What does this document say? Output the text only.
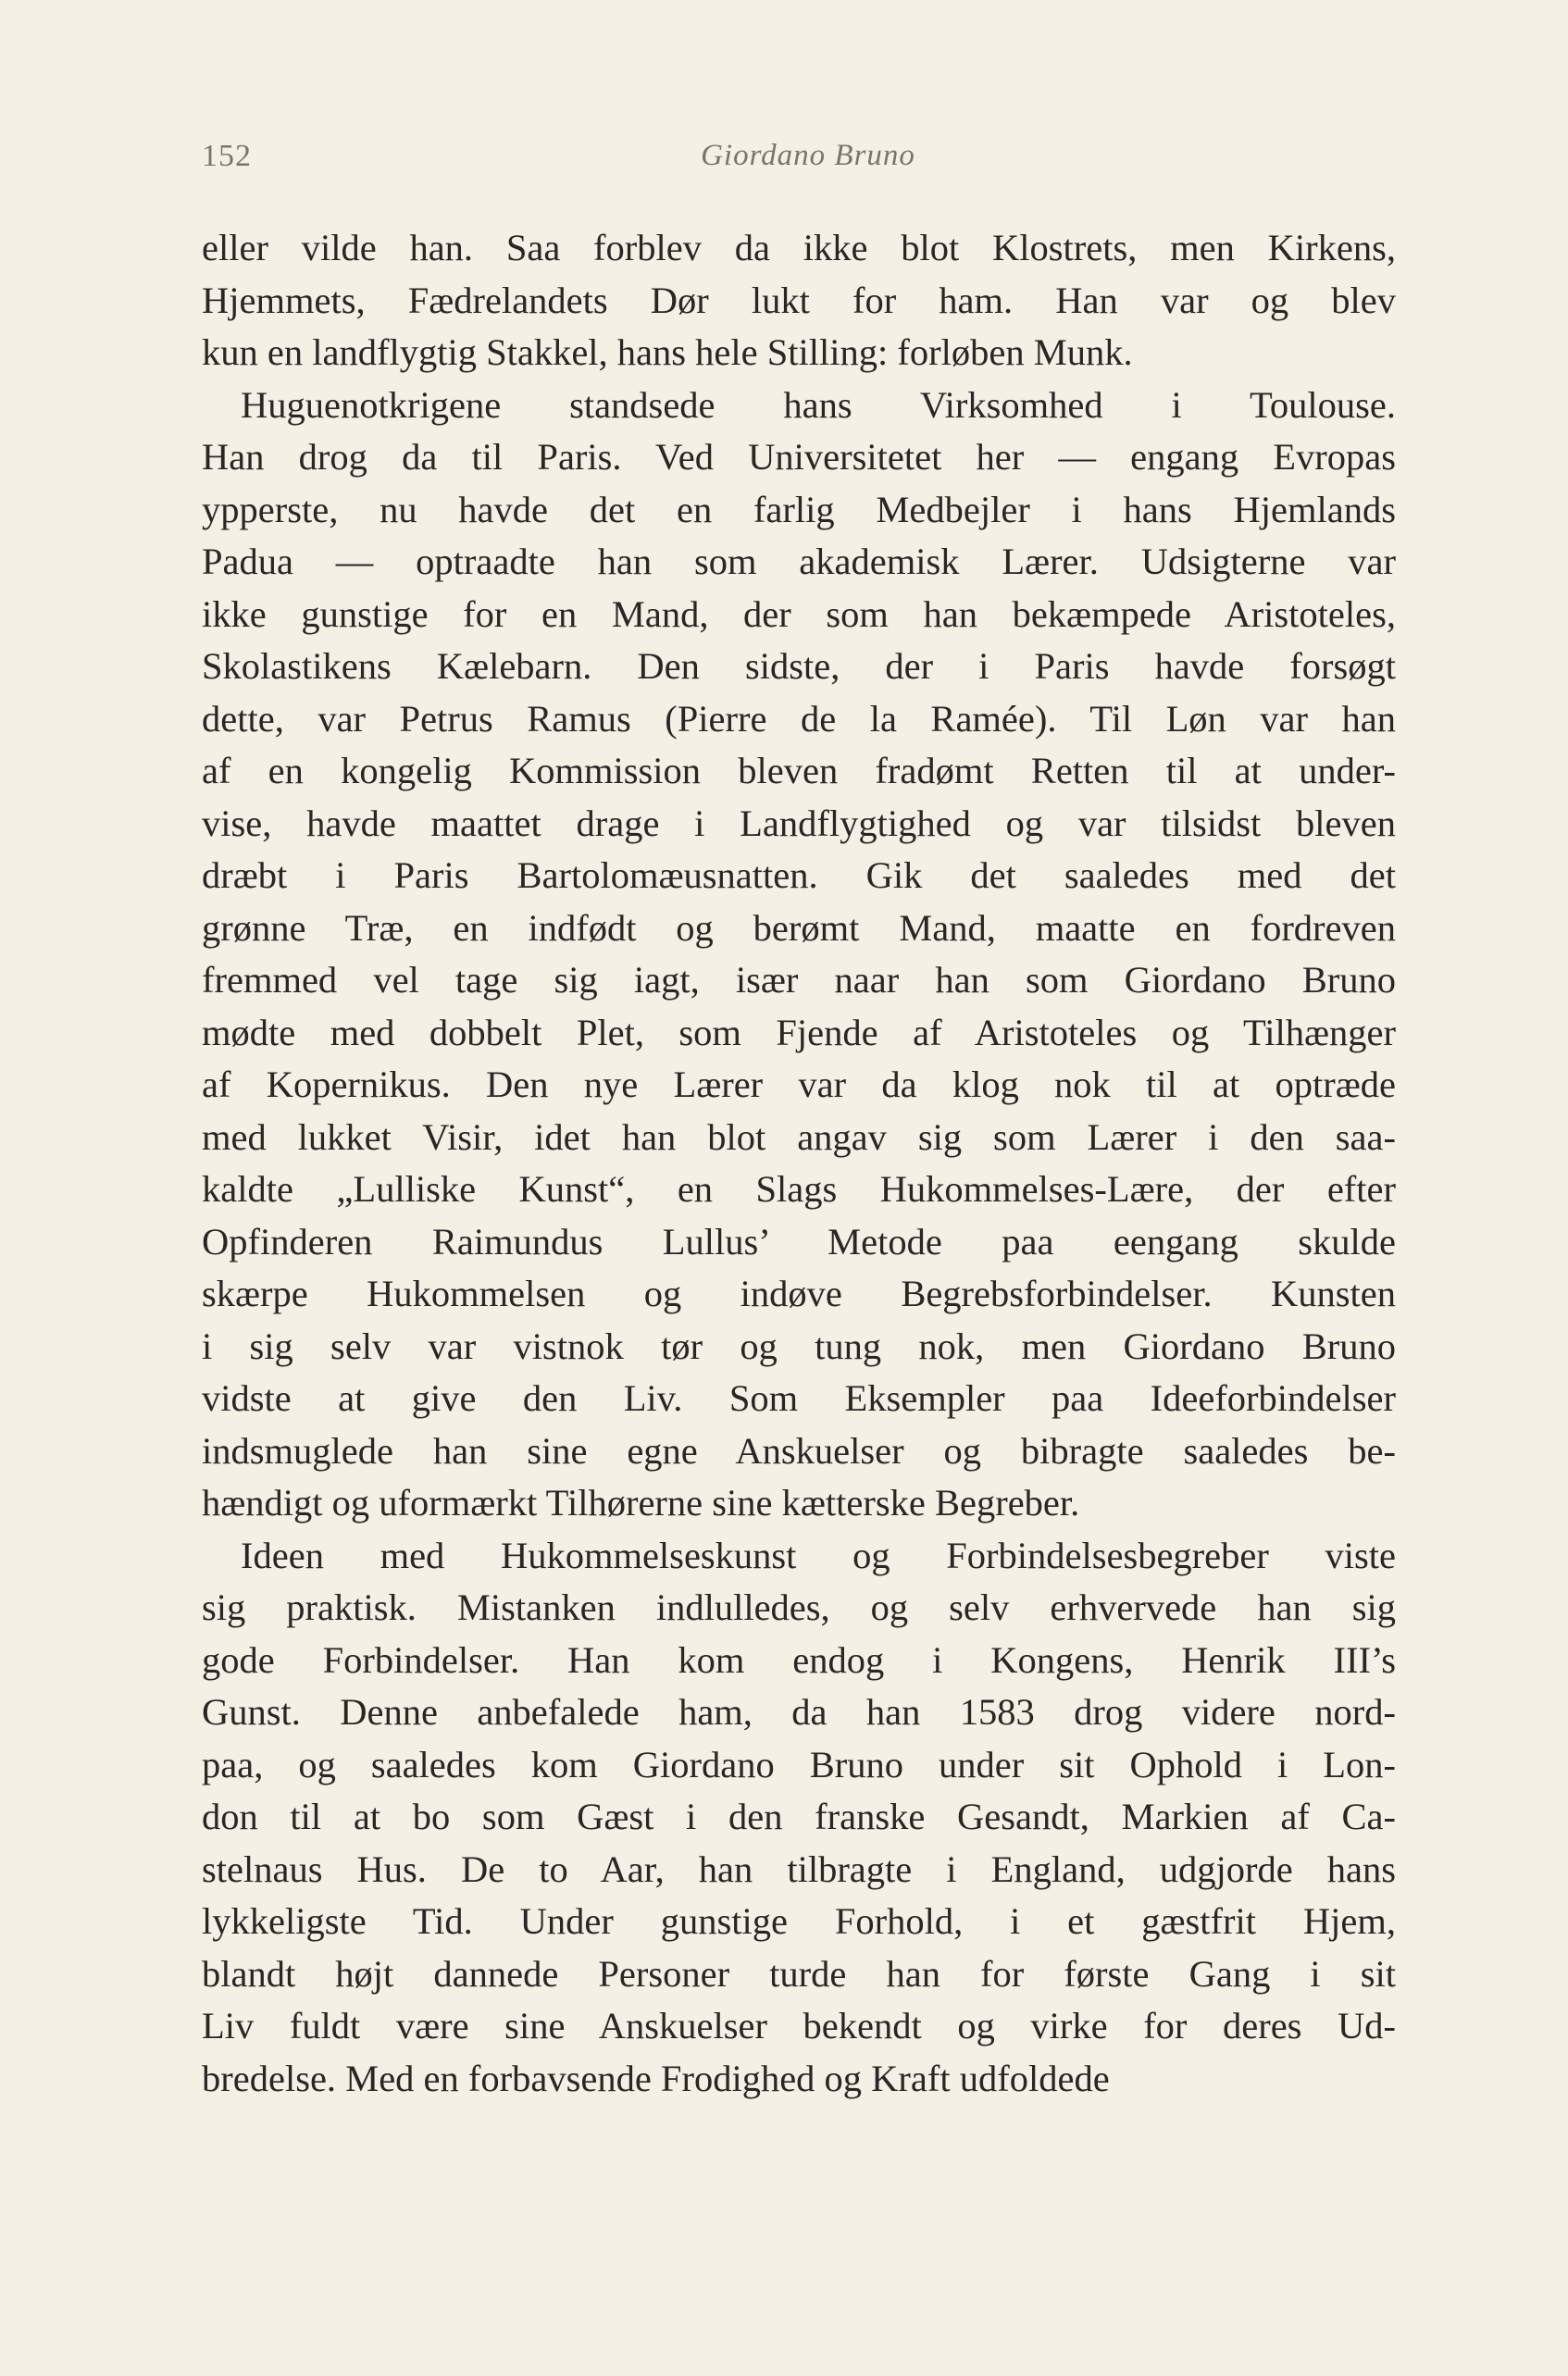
152	Giordano Bruno
eller vilde han. Saa forblev da ikke blot Klostrets, men Kirkens,
Hjemmets, Fædrelandets Dør lukt for ham. Han var og blev
kun en landflygtig Stakkel, hans hele Stilling: forløben Munk.
Huguenotkrigene standsede hans Virksomhed i Toulouse.
Han drog da til Paris. Ved Universitetet her — engang Evropas
ypperste, nu havde det en farlig Medbejler i hans Hjemlands
Padua — optraadte han som akademisk Lærer. Udsigterne var
ikke gunstige for en Mand, der som han bekæmpede Aristoteles,
Skolastikens Kælebarn. Den sidste, der i Paris havde forsøgt
dette, var Petrus Ramus (Pierre de la Ramée). Til Løn var han
af en kongelig Kommission bleven fradømt Retten til at under-
vise, havde maattet drage i Landflygtighed og var tilsidst bleven
dræbt i Paris Bartolomæusnatten. Gik det saaledes med det
grønne Træ, en indfødt og berømt Mand, maatte en fordreven
fremmed vel tage sig iagt, især naar han som Giordano Bruno
mødte med dobbelt Plet, som Fjende af Aristoteles og Tilhænger
af Kopernikus. Den nye Lærer var da klog nok til at optræde
med lukket Visir, idet han blot angav sig som Lærer i den saa-
kaldte „Lulliske Kunst“, en Slags Hukommelses-Lære, der efter
Opfinderen Raimundus Lullus’ Metode paa eengang skulde
skærpe Hukommelsen og indøve Begrebsforbindelser. Kunsten
i sig selv var vistnok tør og tung nok, men Giordano Bruno
vidste at give den Liv. Som Eksempler paa Ideeforbindelser
indsmuglede han sine egne Anskuelser og bibragte saaledes be-
hændigt og uformærkt Tilhørerne sine kætterske Begreber.
Ideen med Hukommelseskunst og Forbindelsesbegreber viste
sig praktisk. Mistanken indlulledes, og selv erhvervede han sig
gode Forbindelser. Han kom endog i Kongens, Henrik III’s
Gunst. Denne anbefalede ham, da han 1583 drog videre nord-
paa, og saaledes kom Giordano Bruno under sit Ophold i Lon-
don til at bo som Gæst i den franske Gesandt, Markien af Ca-
stelnaus Hus. De to Aar, han tilbragte i England, udgjorde hans
lykkeligste Tid. Under gunstige Forhold, i et gæstfrit Hjem,
blandt højt dannede Personer turde han for første Gang i sit
Liv fuldt være sine Anskuelser bekendt og virke for deres Ud-
bredelse. Med en forbavsende Frodighed og Kraft udfoldede
